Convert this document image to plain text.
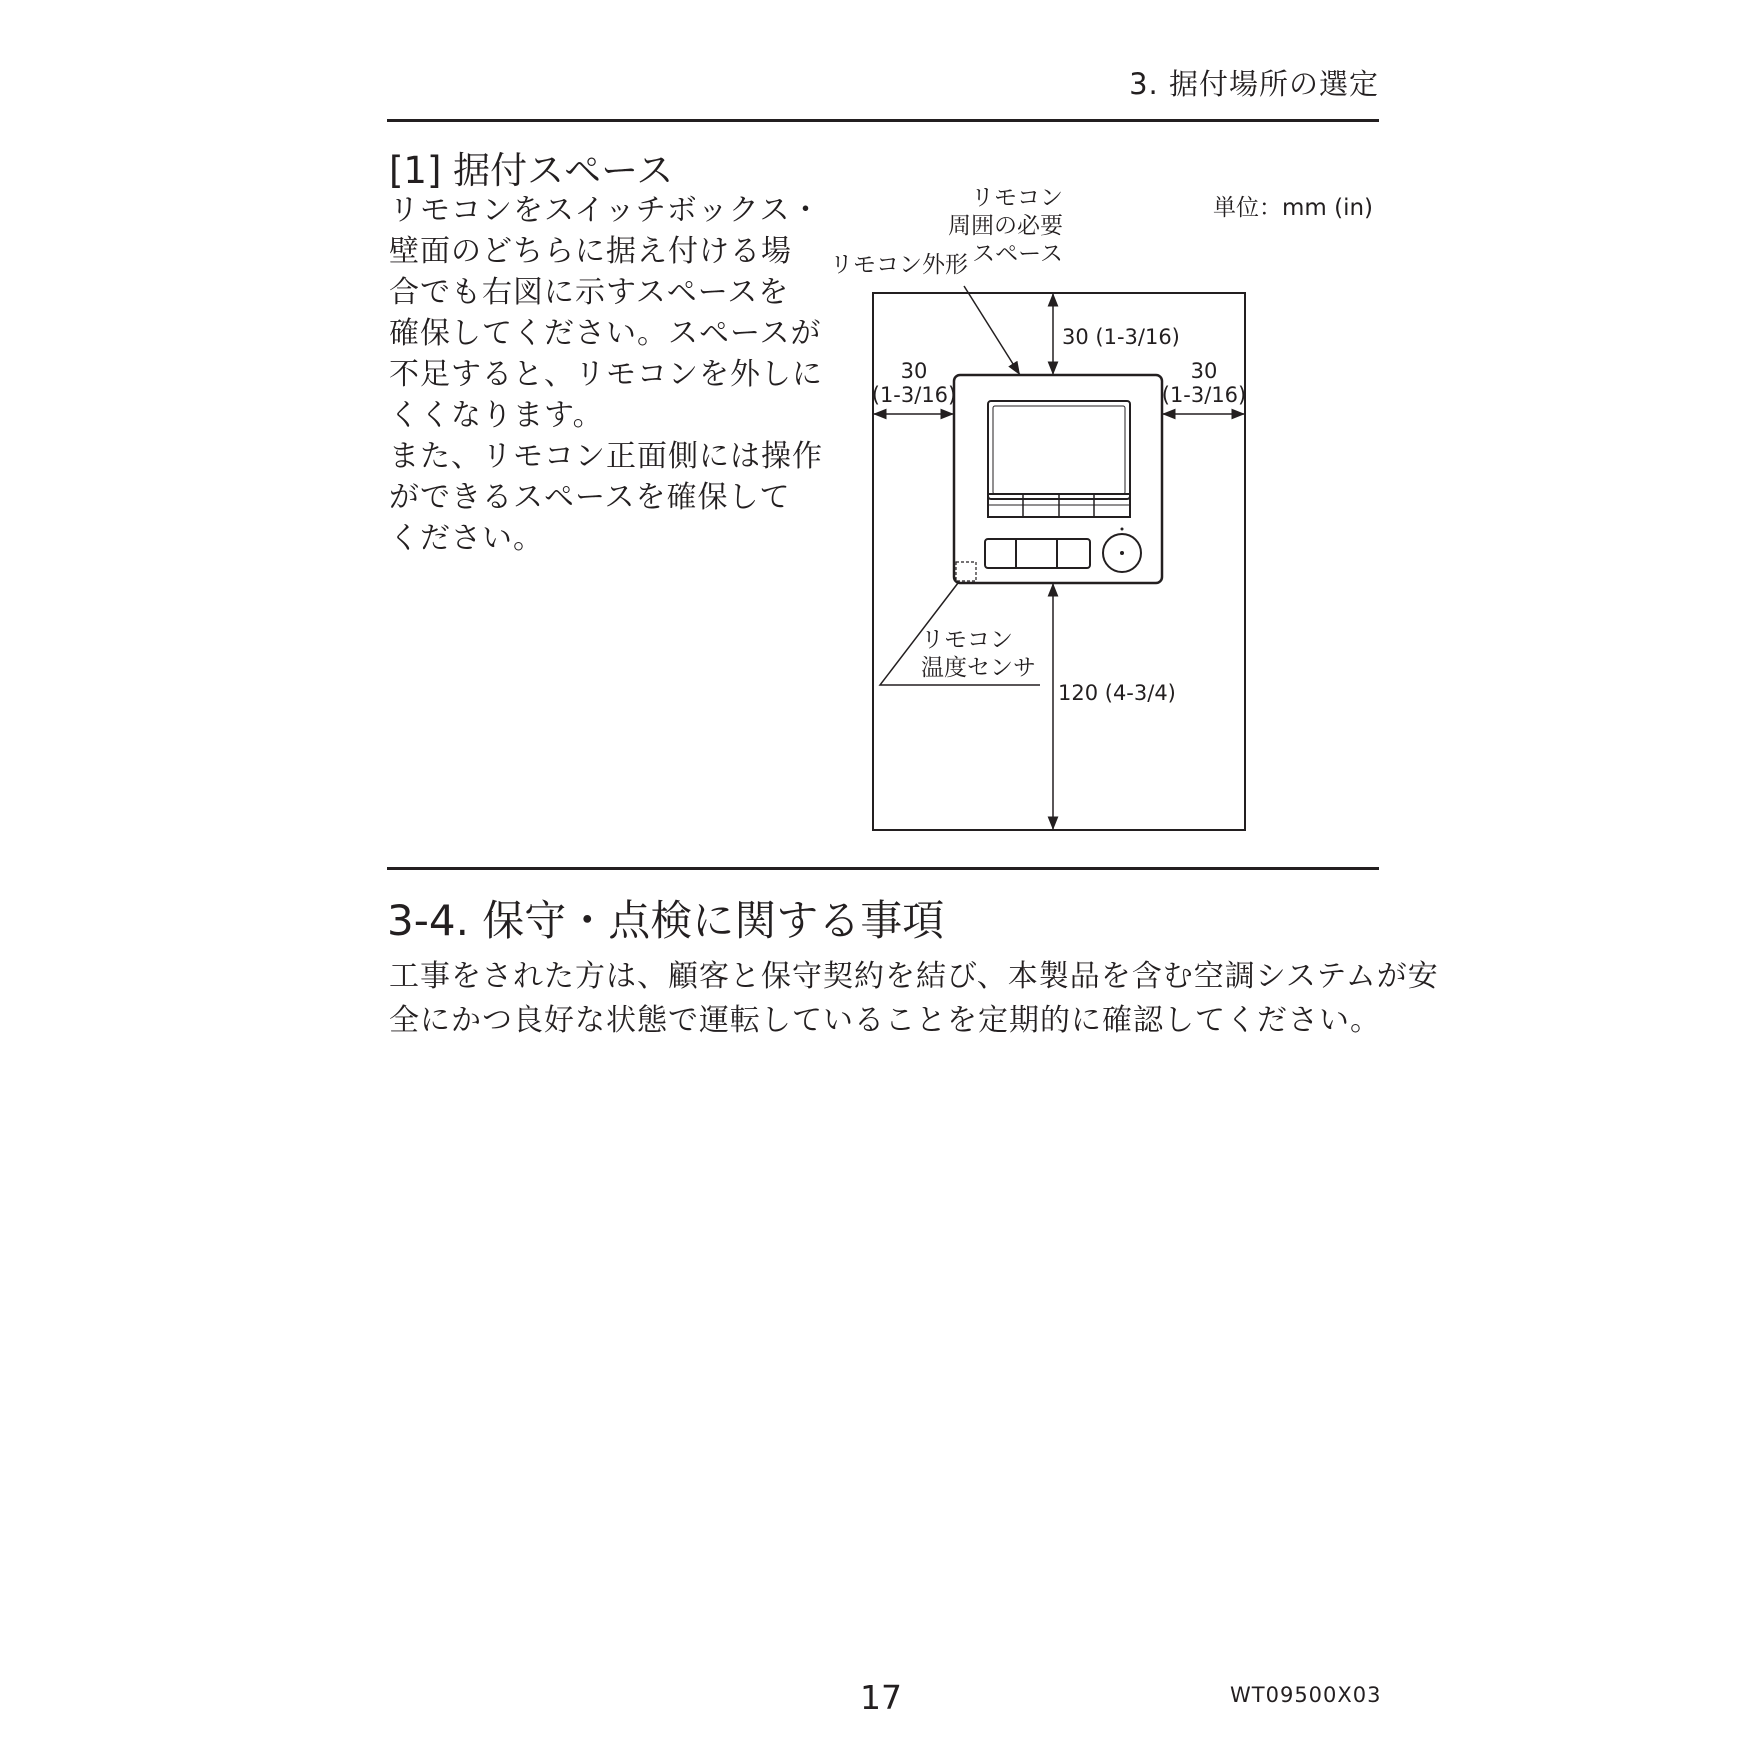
3. 据付場所の選定
[1] 据付スペース
リモコンをスイッチボックス・
壁面のどちらに据え付ける場
合でも右図に示すスペースを
確保してください。スペースが
不足すると、リモコンを外しに
くくなります。
また、リモコン正面側には操作
ができるスペースを確保して
ください。
単位：mm (in)
リモコン
周囲の必要
スペース
リモコン外形
30 (1-3/16)
30
(1-3/16)
30
(1-3/16)
120 (4-3/4)
リモコン
温度センサ
3-4. 保守・点検に関する事項
工事をされた方は、顧客と保守契約を結び、本製品を含む空調システムが安
全にかつ良好な状態で運転していることを定期的に確認してください。
17	WT09500X03
